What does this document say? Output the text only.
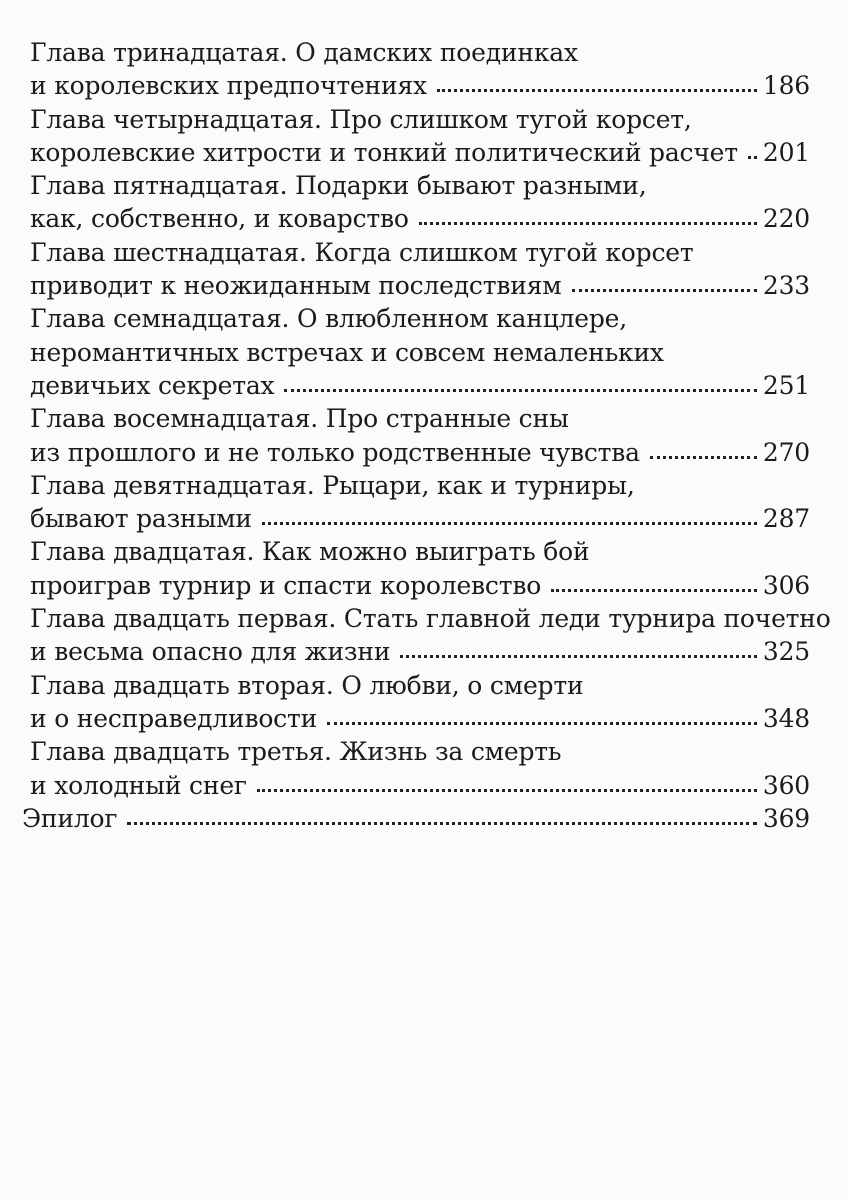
Глава тринадцатая. О дамских поединках
и королевских предпочтениях	186
Глава четырнадцатая. Про слишком тугой корсет,
королевские хитрости и тонкий политический расчет 201
Глава пятнадцатая. Подарки бывают разными,
как, собственно, и коварство	220
Глава шестнадцатая. Когда слишком тугой корсет
приводит к неожиданным последствиям	233
Глава семнадцатая. О влюбленном канцлере,
неромантичных встречах и совсем немаленьких
девичьих секретах	251
Глава восемнадцатая. Про странные сны
из прошлого и не только родственные чувства	270
Глава девятнадцатая. Рыцари, как и турниры,
бывают разными	287
Глава двадцатая. Как можно выиграть бой
проиграв турнир и спасти королевство	306
Глава двадцать первая. Стать главной леди турнира почетно
и весьма опасно для жизни	325
Глава двадцать вторая. О любви, о смерти
и о несправедливости	348
Глава двадцать третья. Жизнь за смерть
и холодный снег	360
Эпилог	369
